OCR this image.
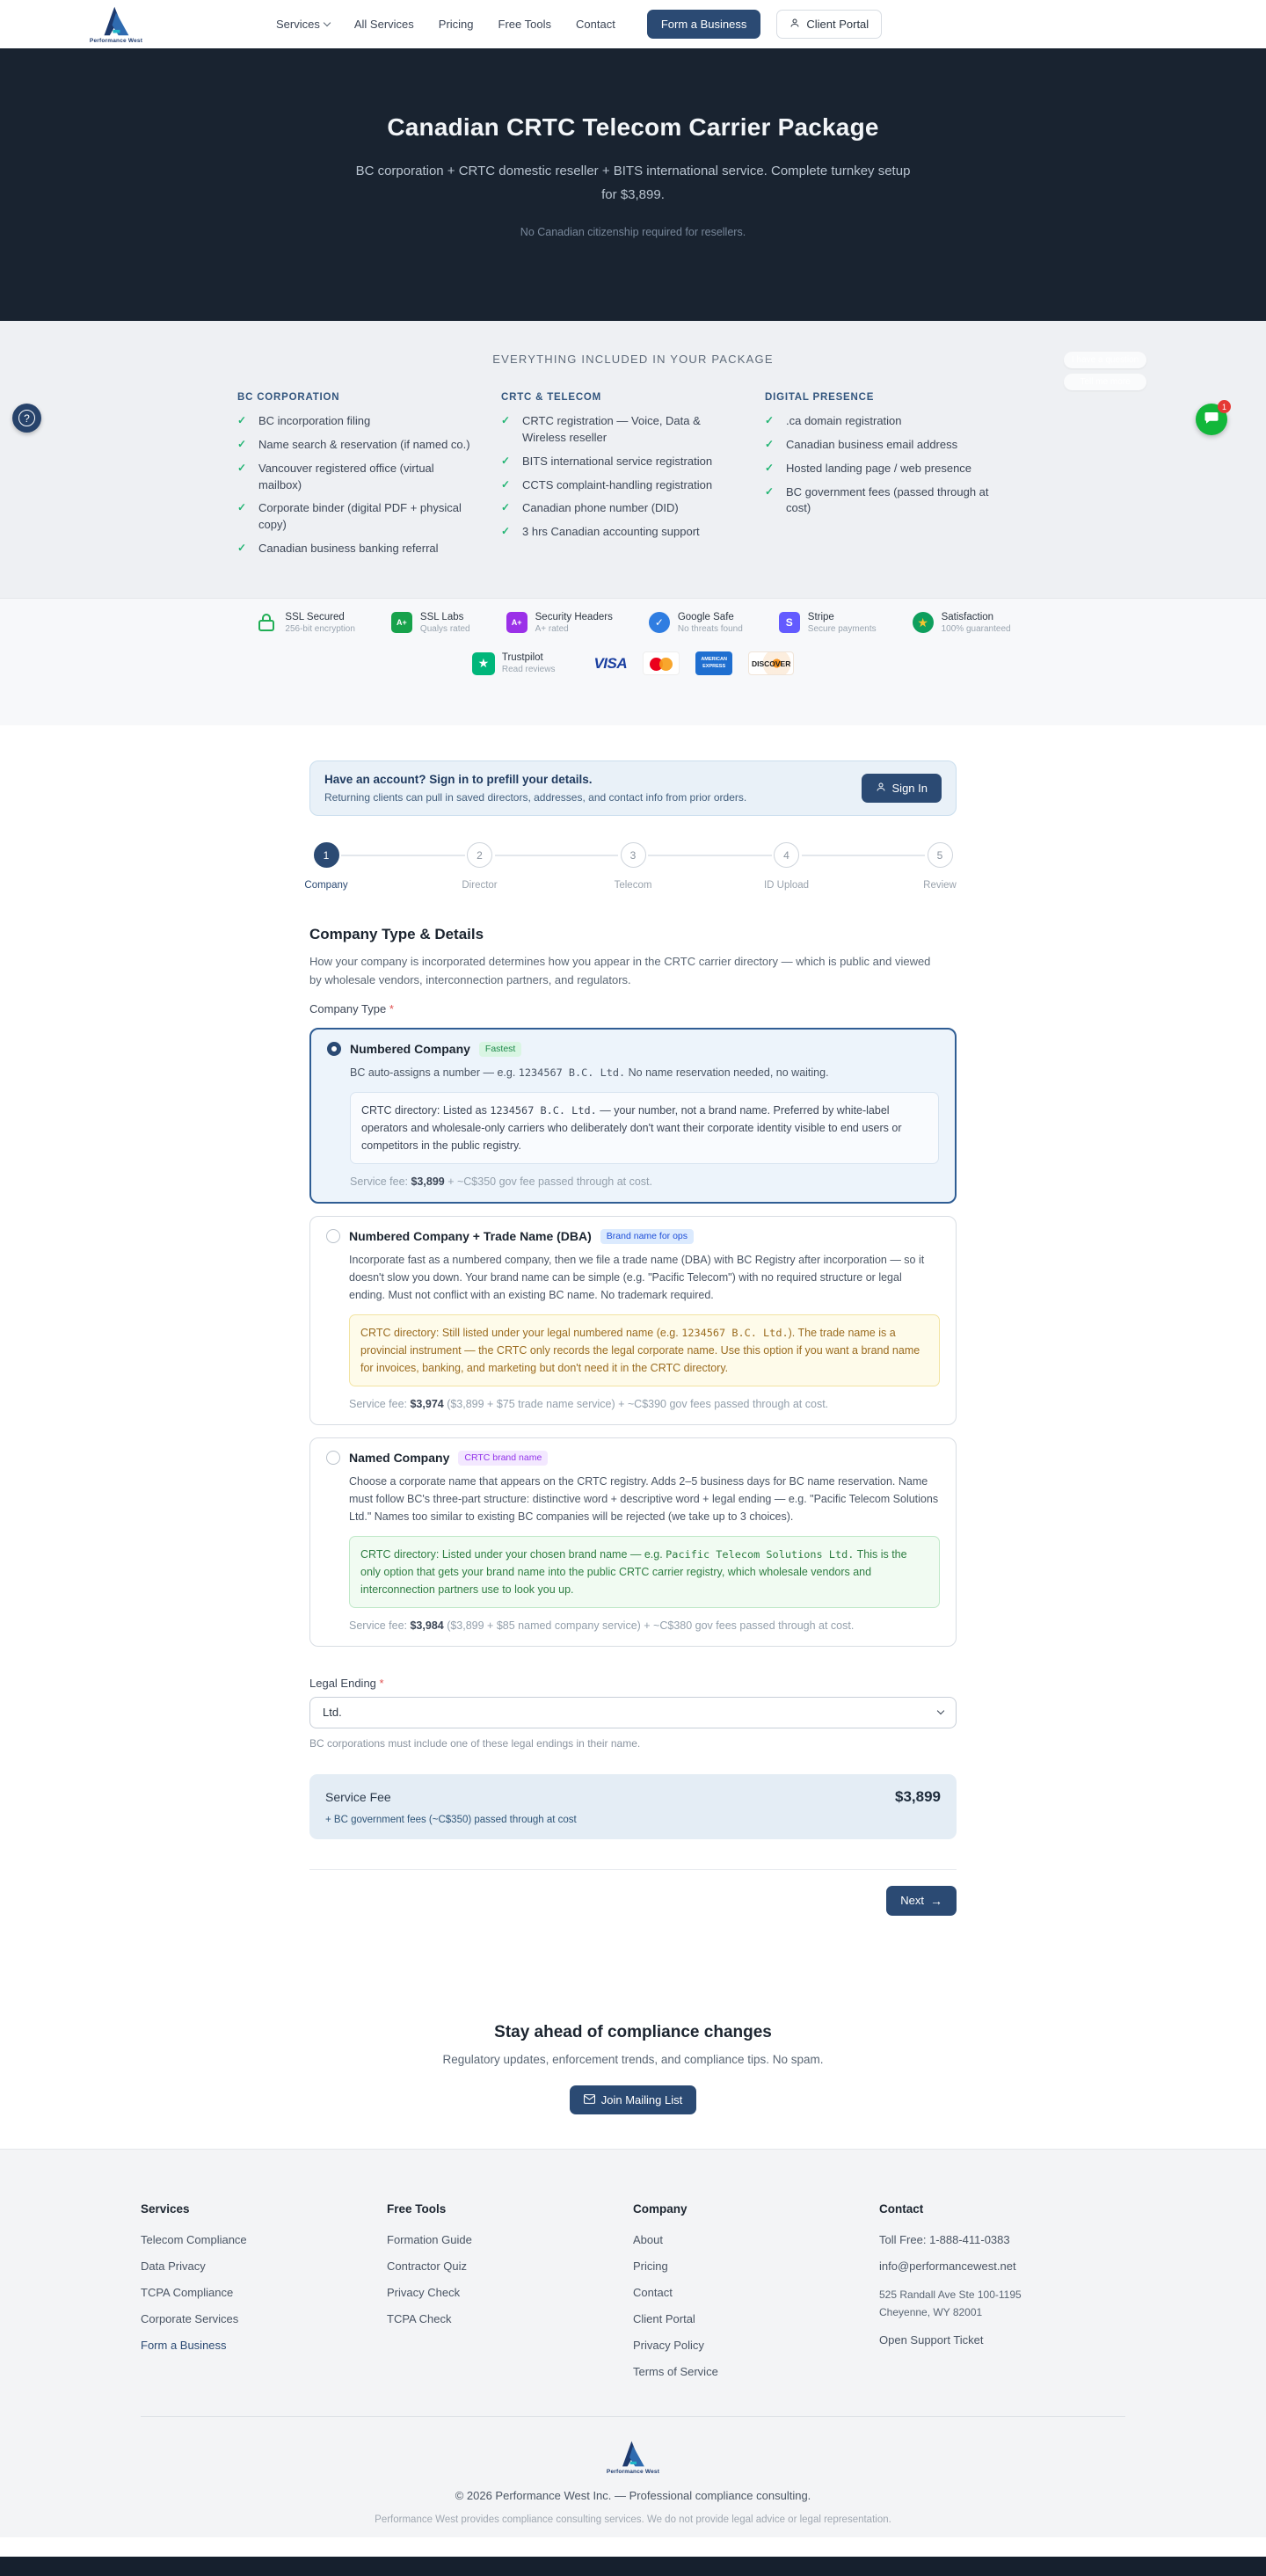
Performance West
Services	All Services Pricing Free Tools Contact	Form a Business	Client Portal
Canadian CRTC Telecom Carrier Package
BC corporation + CRTC domestic reseller + BITS international service. Complete turnkey setup for $3,899.
No Canadian citizenship required for resellers.
EVERYTHING INCLUDED IN YOUR PACKAGE
BC CORPORATION
✓ BC incorporation filing
✓ Name search & reservation (if named co.)
✓ Vancouver registered office (virtual mailbox)
✓ Corporate binder (digital PDF + physical copy)
✓ Canadian business banking referral
CRTC & TELECOM
✓ CRTC registration — Voice, Data & Wireless reseller
✓ BITS international service registration
✓ CCTS complaint-handling registration
✓ Canadian phone number (DID)
✓ 3 hrs Canadian accounting support
DIGITAL PRESENCE
✓ .ca domain registration
✓ Canadian business email address
✓ Hosted landing page / web presence
✓ BC government fees (passed through at cost)
SSL Secured
256-bit encryption
A+
SSL Labs
Qualys rated
A+
Security Headers
A+ rated	✓	Google Safe
No threats found	S	Stripe
Secure payments	★	Satisfaction
100% guaranteed
★	Trustpilot
Read reviews	VISA	AMERICAN EXPRESS	DISCOVER
I have a question
Tell me more
?
1
Have an account? Sign in to prefill your details.
Returning clients can pull in saved directors, addresses, and contact info from prior orders.
Sign In
1
Company
2
Director
3
Telecom
4
ID Upload
5
Review
Company Type & Details

How your company is incorporated determines how you appear in the CRTC carrier directory — which is public and viewed by wholesale vendors, interconnection partners, and regulators.

Company Type *
Numbered Company	Fastest
BC auto-assigns a number — e.g. 1234567 B.C. Ltd. No name reservation needed, no waiting.
CRTC directory: Listed as 1234567 B.C. Ltd. — your number, not a brand name. Preferred by white-label operators and wholesale-only carriers who deliberately don't want their corporate identity visible to end users or competitors in the public registry.
Service fee: $3,899 + ~C$350 gov fee passed through at cost.
Numbered Company + Trade Name (DBA)	Brand name for ops
Incorporate fast as a numbered company, then we file a trade name (DBA) with BC Registry after incorporation — so it doesn't slow you down. Your brand name can be simple (e.g. "Pacific Telecom") with no required structure or legal ending. Must not conflict with an existing BC name. No trademark required.
CRTC directory: Still listed under your legal numbered name (e.g. 1234567 B.C. Ltd.). The trade name is a provincial instrument — the CRTC only records the legal corporate name. Use this option if you want a brand name for invoices, banking, and marketing but don't need it in the CRTC directory.
Service fee: $3,974 ($3,899 + $75 trade name service) + ~C$390 gov fees passed through at cost.
Named Company	CRTC brand name
Choose a corporate name that appears on the CRTC registry. Adds 2–5 business days for BC name reservation. Name must follow BC's three-part structure: distinctive word + descriptive word + legal ending — e.g. "Pacific Telecom Solutions Ltd." Names too similar to existing BC companies will be rejected (we take up to 3 choices).
CRTC directory: Listed under your chosen brand name — e.g. Pacific Telecom Solutions Ltd. This is the only option that gets your brand name into the public CRTC carrier registry, which wholesale vendors and interconnection partners use to look you up.
Service fee: $3,984 ($3,899 + $85 named company service) + ~C$380 gov fees passed through at cost.
Legal Ending *
Ltd.
BC corporations must include one of these legal endings in their name.
Service Fee	$3,899
+ BC government fees (~C$350) passed through at cost
Next →
Stay ahead of compliance changes

Regulatory updates, enforcement trends, and compliance tips. No spam.

Join Mailing List
Services
Telecom Compliance
Data Privacy
TCPA Compliance
Corporate Services
Form a Business
Free Tools
Formation Guide
Contractor Quiz
Privacy Check
TCPA Check
Company
About
Pricing
Contact
Client Portal
Privacy Policy
Terms of Service
Contact
Toll Free: 1-888-411-0383
info@performancewest.net
525 Randall Ave Ste 100-1195
Cheyenne, WY 82001
Open Support Ticket
Performance West
© 2026 Performance West Inc. — Professional compliance consulting.
Performance West provides compliance consulting services. We do not provide legal advice or legal representation.
